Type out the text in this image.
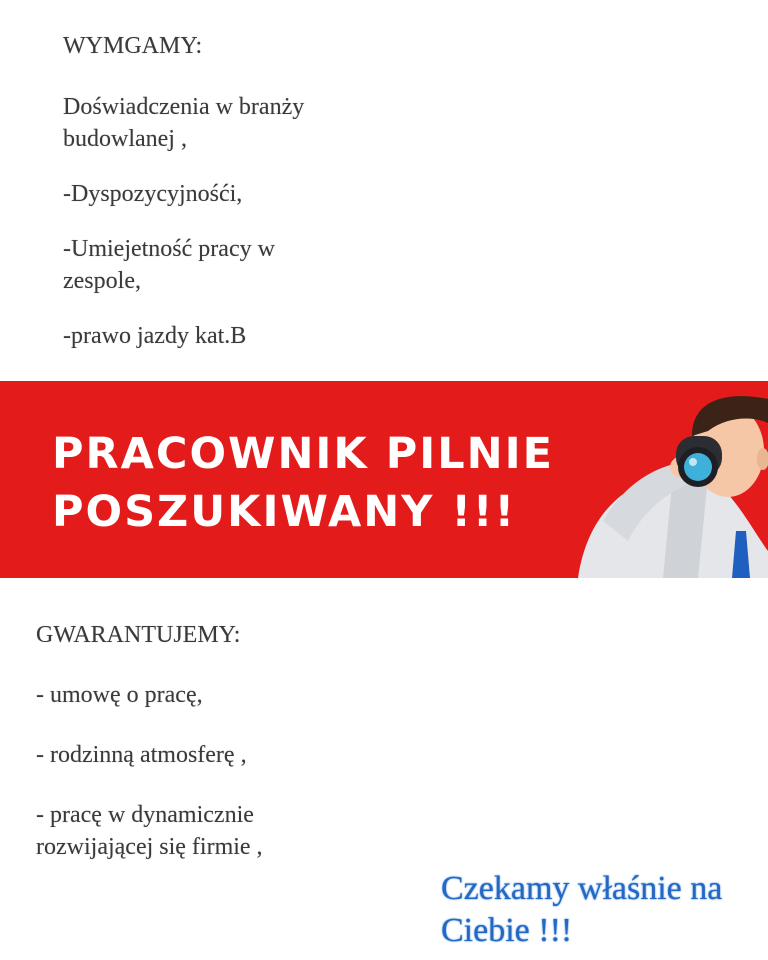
WYMGAMY:

Doświadczenia w branży
budowlanej ,

-Dyspozycyjnośći,

-Umiejetność pracy w
zespole,

-prawo jazdy kat.B

PRACOWNIK PILNIE
POSZUKIWANY !!!

GWARANTUJEMY:

- umowę o pracę,

- rodzinną atmosferę ,

- pracę w dynamicznie
rozwijającej się firmie ,

Czekamy właśnie na
Ciebie !!!
